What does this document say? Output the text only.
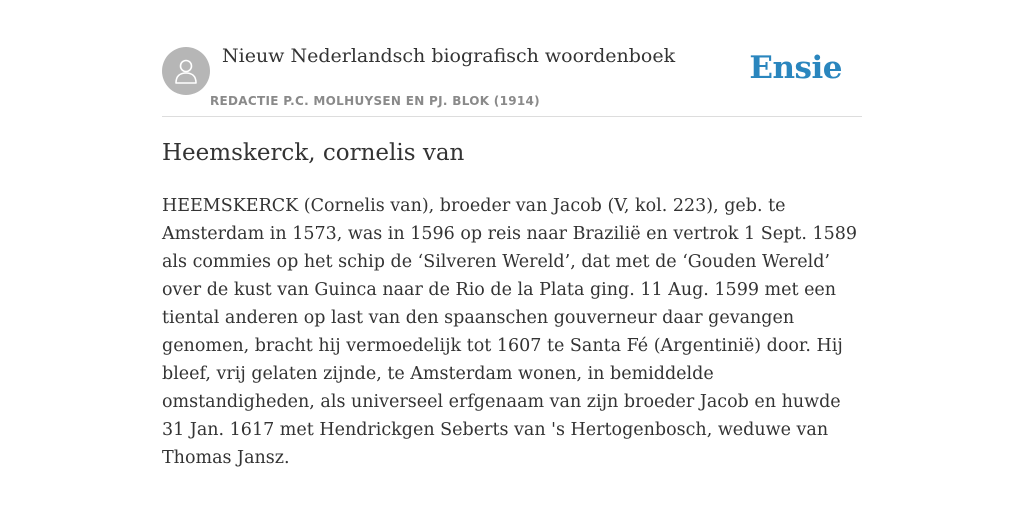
Nieuw Nederlandsch biografisch woordenboek
REDACTIE P.C. MOLHUYSEN EN PJ. BLOK (1914)
Ensie
Heemskerck, cornelis van

HEEMSKERCK (Cornelis van), broeder van Jacob (V, kol. 223), geb. te Amsterdam in 1573, was in 1596 op reis naar Brazilië en vertrok 1 Sept. 1589 als commies op het schip de ‘Silveren Wereld’, dat met de ‘Gouden Wereld’ over de kust van Guinca naar de Rio de la Plata ging. 11 Aug. 1599 met een tiental anderen op last van den spaanschen gouverneur daar gevangen genomen, bracht hij vermoedelijk tot 1607 te Santa Fé (Argentinië) door. Hij bleef, vrij gelaten zijnde, te Amsterdam wonen, in bemiddelde omstandigheden, als universeel erfgenaam van zijn broeder Jacob en huwde 31 Jan. 1617 met Hendrickgen Seberts van 's Hertogenbosch, weduwe van Thomas Jansz.
